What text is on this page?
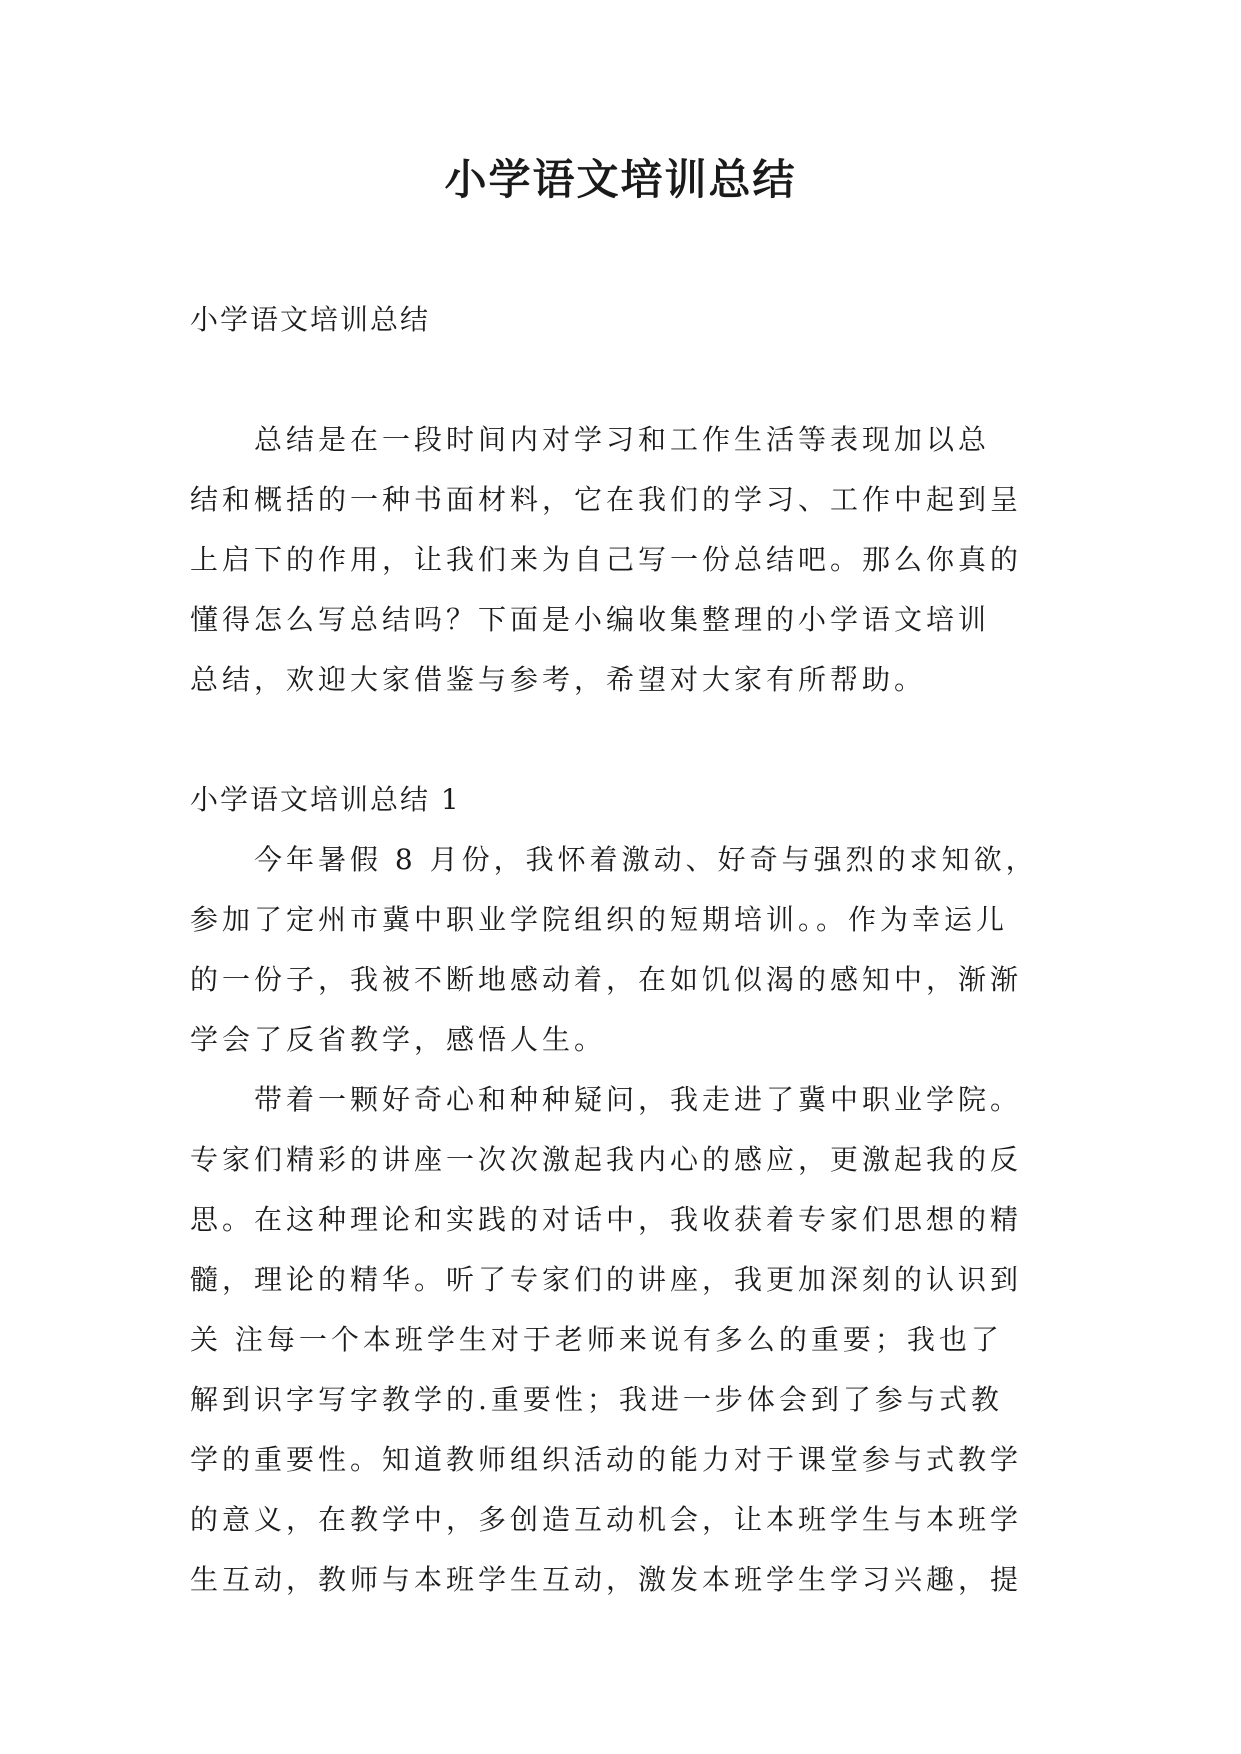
小学语文培训总结

小学语文培训总结

　　总结是在一段时间内对学习和工作生活等表现加以总

结和概括的一种书面材料，它在我们的学习、工作中起到呈

上启下的作用，让我们来为自己写一份总结吧。那么你真的

懂得怎么写总结吗？下面是小编收集整理的小学语文培训

总结，欢迎大家借鉴与参考，希望对大家有所帮助。

小学语文培训总结 1

　　今年暑假 8 月份，我怀着激动、好奇与强烈的求知欲，

参加了定州市冀中职业学院组织的短期培训。。作为幸运儿

的一份子，我被不断地感动着，在如饥似渴的感知中，渐渐

学会了反省教学，感悟人生。

　　带着一颗好奇心和种种疑问，我走进了冀中职业学院。

专家们精彩的讲座一次次激起我内心的感应，更激起我的反

思。在这种理论和实践的对话中，我收获着专家们思想的精

髓，理论的精华。听了专家们的讲座，我更加深刻的认识到

关 注每一个本班学生对于老师来说有多么的重要；我也了

解到识字写字教学的.重要性；我进一步体会到了参与式教

学的重要性。知道教师组织活动的能力对于课堂参与式教学

的意义，在教学中，多创造互动机会，让本班学生与本班学

生互动，教师与本班学生互动，激发本班学生学习兴趣，提
